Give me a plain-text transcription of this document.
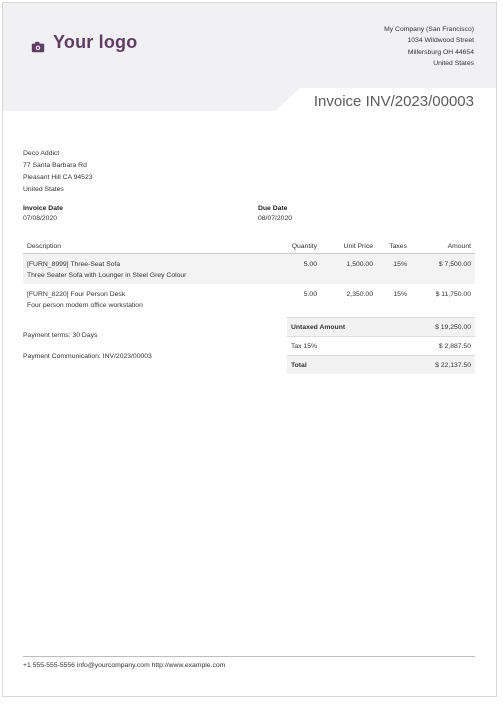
Your logo
My Company (San Francisco)
1034 Wildwood Street
Millersburg OH 44654
United States
Invoice INV/2023/00003
Deco Addict
77 Santa Barbara Rd
Pleasant Hill CA 94523
United States
Invoice Date
07/08/2020
Due Date
08/07/2020
Description	Quantity	Unit Price	Taxes	Amount
[FURN_8999] Three-Seat Sofa
Three Seater Sofa with Lounger in Steel Grey Colour
5.00	1,500.00	15%	$ 7,500.00
[FURN_8220] Four Person Desk
Four person modern office workstation
5.00	2,350.00	15%	$ 11,750.00
Payment terms: 30 Days
Payment Communication: INV/2023/00003
Untaxed Amount	$ 19,250.00
Tax 15%	$ 2,887.50
Total	$ 22,137.50
+1 555-555-5556 info@yourcompany.com http://www.example.com
